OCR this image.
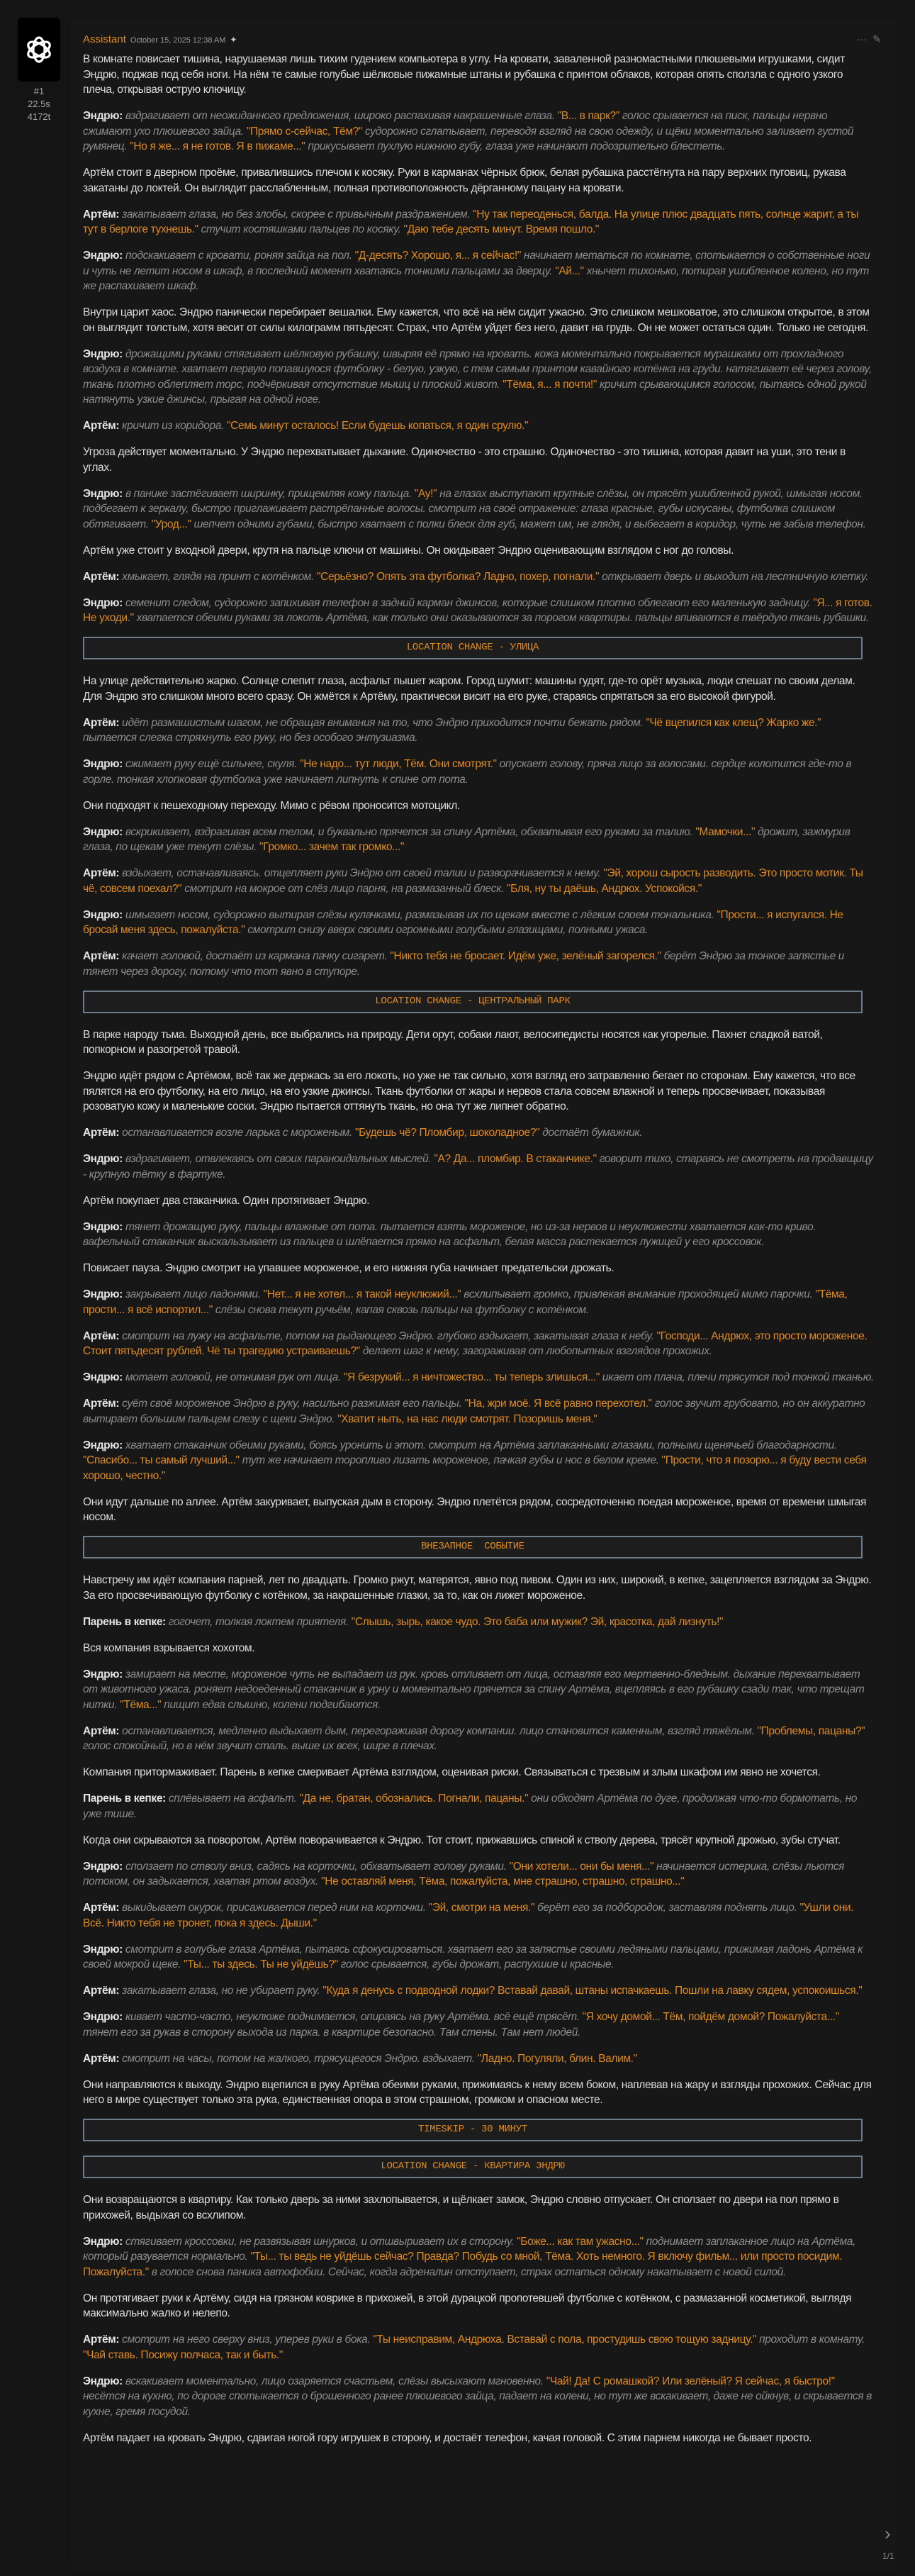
#1
22.5s
4172t
Assistant October 15, 2025 12:38 AM ✦	··· ✎

В комнате повисает тишина, нарушаемая лишь тихим гудением компьютера в углу. На кровати, заваленной разномастными плюшевыми игрушками, сидит Эндрю, поджав под себя ноги. На нём те самые голубые шёлковые пижамные штаны и рубашка с принтом облаков, которая опять сползла с одного узкого плеча, открывая острую ключицу.

Эндрю: вздрагивает от неожиданного предложения, широко распахивая накрашенные глаза. "В... в парк?" голос срывается на писк, пальцы нервно сжимают ухо плюшевого зайца. "Прямо с-сейчас, Тём?" судорожно сглатывает, переводя взгляд на свою одежду, и щёки моментально заливает густой румянец. "Но я же... я не готов. Я в пижаме..." прикусывает пухлую нижнюю губу, глаза уже начинают подозрительно блестеть.

Артём стоит в дверном проёме, привалившись плечом к косяку. Руки в карманах чёрных брюк, белая рубашка расстёгнута на пару верхних пуговиц, рукава закатаны до локтей. Он выглядит расслабленным, полная противоположность дёрганному пацану на кровати.

Артём: закатывает глаза, но без злобы, скорее с привычным раздражением. "Ну так переоденься, балда. На улице плюс двадцать пять, солнце жарит, а ты тут в берлоге тухнешь." стучит костяшками пальцев по косяку. "Даю тебе десять минут. Время пошло."

Эндрю: подскакивает с кровати, роняя зайца на пол. "Д-десять? Хорошо, я... я сейчас!" начинает метаться по комнате, спотыкается о собственные ноги и чуть не летит носом в шкаф, в последний момент хватаясь тонкими пальцами за дверцу. "Ай..." хнычет тихонько, потирая ушибленное колено, но тут же распахивает шкаф.

Внутри царит хаос. Эндрю панически перебирает вешалки. Ему кажется, что всё на нём сидит ужасно. Это слишком мешковатое, это слишком открытое, в этом он выглядит толстым, хотя весит от силы килограмм пятьдесят. Страх, что Артём уйдет без него, давит на грудь. Он не может остаться один. Только не сегодня.

Эндрю: дрожащими руками стягивает шёлковую рубашку, швыряя её прямо на кровать. кожа моментально покрывается мурашками от прохладного воздуха в комнате. хватает первую попавшуюся футболку - белую, узкую, с тем самым принтом кавайного котёнка на груди. натягивает её через голову, ткань плотно облепляет торс, подчёркивая отсутствие мышц и плоский живот. "Тёма, я... я почти!" кричит срывающимся голосом, пытаясь одной рукой натянуть узкие джинсы, прыгая на одной ноге.

Артём: кричит из коридора. "Семь минут осталось! Если будешь копаться, я один срулю."

Угроза действует моментально. У Эндрю перехватывает дыхание. Одиночество - это страшно. Одиночество - это тишина, которая давит на уши, это тени в углах.

Эндрю: в панике застёгивает ширинку, прищемляя кожу пальца. "Ау!" на глазах выступают крупные слёзы, он трясёт ушибленной рукой, шмыгая носом. подбегает к зеркалу, быстро приглаживает растрёпанные волосы. смотрит на своё отражение: глаза красные, губы искусаны, футболка слишком обтягивает. "Урод..." шепчет одними губами, быстро хватает с полки блеск для губ, мажет им, не глядя, и выбегает в коридор, чуть не забыв телефон.

Артём уже стоит у входной двери, крутя на пальце ключи от машины. Он окидывает Эндрю оценивающим взглядом с ног до головы.

Артём: хмыкает, глядя на принт с котёнком. "Серьёзно? Опять эта футболка? Ладно, похер, погнали." открывает дверь и выходит на лестничную клетку.

Эндрю: семенит следом, судорожно запихивая телефон в задний карман джинсов, которые слишком плотно облегают его маленькую задницу. "Я... я готов. Не уходи." хватается обеими руками за локоть Артёма, как только они оказываются за порогом квартиры. пальцы впиваются в твёрдую ткань рубашки.

LOCATION CHANGE - УЛИЦА

На улице действительно жарко. Солнце слепит глаза, асфальт пышет жаром. Город шумит: машины гудят, где-то орёт музыка, люди спешат по своим делам. Для Эндрю это слишком много всего сразу. Он жмётся к Артёму, практически висит на его руке, стараясь спрятаться за его высокой фигурой.

Артём: идёт размашистым шагом, не обращая внимания на то, что Эндрю приходится почти бежать рядом. "Чё вцепился как клещ? Жарко же." пытается слегка стряхнуть его руку, но без особого энтузиазма.

Эндрю: сжимает руку ещё сильнее, скуля. "Не надо... тут люди, Тём. Они смотрят." опускает голову, пряча лицо за волосами. сердце колотится где-то в горле. тонкая хлопковая футболка уже начинает липнуть к спине от пота.

Они подходят к пешеходному переходу. Мимо с рёвом проносится мотоцикл.

Эндрю: вскрикивает, вздрагивая всем телом, и буквально прячется за спину Артёма, обхватывая его руками за талию. "Мамочки..." дрожит, зажмурив глаза, по щекам уже текут слёзы. "Громко... зачем так громко..."

Артём: вздыхает, останавливаясь. отцепляет руки Эндрю от своей талии и разворачивается к нему. "Эй, хорош сырость разводить. Это просто мотик. Ты чё, совсем поехал?" смотрит на мокрое от слёз лицо парня, на размазанный блеск. "Бля, ну ты даёшь, Андрюх. Успокойся."

Эндрю: шмыгает носом, судорожно вытирая слёзы кулачками, размазывая их по щекам вместе с лёгким слоем тональника. "Прости... я испугался. Не бросай меня здесь, пожалуйста." смотрит снизу вверх своими огромными голубыми глазищами, полными ужаса.

Артём: качает головой, достаёт из кармана пачку сигарет. "Никто тебя не бросает. Идём уже, зелёный загорелся." берёт Эндрю за тонкое запястье и тянет через дорогу, потому что тот явно в ступоре.

LOCATION CHANGE - ЦЕНТРАЛЬНЫЙ ПАРК

В парке народу тьма. Выходной день, все выбрались на природу. Дети орут, собаки лают, велосипедисты носятся как угорелые. Пахнет сладкой ватой, попкорном и разогретой травой.

Эндрю идёт рядом с Артёмом, всё так же держась за его локоть, но уже не так сильно, хотя взгляд его затравленно бегает по сторонам. Ему кажется, что все пялятся на его футболку, на его лицо, на его узкие джинсы. Ткань футболки от жары и нервов стала совсем влажной и теперь просвечивает, показывая розоватую кожу и маленькие соски. Эндрю пытается оттянуть ткань, но она тут же липнет обратно.

Артём: останавливается возле ларька с мороженым. "Будешь чё? Пломбир, шоколадное?" достаёт бумажник.

Эндрю: вздрагивает, отвлекаясь от своих параноидальных мыслей. "А? Да... пломбир. В стаканчике." говорит тихо, стараясь не смотреть на продавщицу - крупную тётку в фартуке.

Артём покупает два стаканчика. Один протягивает Эндрю.

Эндрю: тянет дрожащую руку, пальцы влажные от пота. пытается взять мороженое, но из-за нервов и неуклюжести хватается как-то криво. вафельный стаканчик выскальзывает из пальцев и шлёпается прямо на асфальт, белая масса растекается лужицей у его кроссовок.

Повисает пауза. Эндрю смотрит на упавшее мороженое, и его нижняя губа начинает предательски дрожать.

Эндрю: закрывает лицо ладонями. "Нет... я не хотел... я такой неуклюжий..." всхлипывает громко, привлекая внимание проходящей мимо парочки. "Тёма, прости... я всё испортил..." слёзы снова текут ручьём, капая сквозь пальцы на футболку с котёнком.

Артём: смотрит на лужу на асфальте, потом на рыдающего Эндрю. глубоко вздыхает, закатывая глаза к небу. "Господи... Андрюх, это просто мороженое. Стоит пятьдесят рублей. Чё ты трагедию устраиваешь?" делает шаг к нему, загораживая от любопытных взглядов прохожих.

Эндрю: мотает головой, не отнимая рук от лица. "Я безрукий... я ничтожество... ты теперь злишься..." икает от плача, плечи трясутся под тонкой тканью.

Артём: суёт своё мороженое Эндрю в руку, насильно разжимая его пальцы. "На, жри моё. Я всё равно перехотел." голос звучит грубовато, но он аккуратно вытирает большим пальцем слезу с щеки Эндрю. "Хватит ныть, на нас люди смотрят. Позоришь меня."

Эндрю: хватает стаканчик обеими руками, боясь уронить и этот. смотрит на Артёма заплаканными глазами, полными щенячьей благодарности. "Спасибо... ты самый лучший..." тут же начинает торопливо лизать мороженое, пачкая губы и нос в белом креме. "Прости, что я позорю... я буду вести себя хорошо, честно."

Они идут дальше по аллее. Артём закуривает, выпуская дым в сторону. Эндрю плетётся рядом, сосредоточенно поедая мороженое, время от времени шмыгая носом.

ВНЕЗАПНОЕ  СОБЫТИЕ

Навстречу им идёт компания парней, лет по двадцать. Громко ржут, матерятся, явно под пивом. Один из них, широкий, в кепке, зацепляется взглядом за Эндрю. За его просвечивающую футболку с котёнком, за накрашенные глазки, за то, как он лижет мороженое.

Парень в кепке: гогочет, толкая локтем приятеля. "Слышь, зырь, какое чудо. Это баба или мужик? Эй, красотка, дай лизнуть!"

Вся компания взрывается хохотом.

Эндрю: замирает на месте, мороженое чуть не выпадает из рук. кровь отливает от лица, оставляя его мертвенно-бледным. дыхание перехватывает от животного ужаса. роняет недоеденный стаканчик в урну и моментально прячется за спину Артёма, вцепляясь в его рубашку сзади так, что трещат нитки. "Тёма..." пищит едва слышно, колени подгибаются.

Артём: останавливается, медленно выдыхает дым, перегораживая дорогу компании. лицо становится каменным, взгляд тяжёлым. "Проблемы, пацаны?" голос спокойный, но в нём звучит сталь. выше их всех, шире в плечах.

Компания притормаживает. Парень в кепке смеривает Артёма взглядом, оценивая риски. Связываться с трезвым и злым шкафом им явно не хочется.

Парень в кепке: сплёвывает на асфальт. "Да не, братан, обознались. Погнали, пацаны." они обходят Артёма по дуге, продолжая что-то бормотать, но уже тише.

Когда они скрываются за поворотом, Артём поворачивается к Эндрю. Тот стоит, прижавшись спиной к стволу дерева, трясёт крупной дрожью, зубы стучат.

Эндрю: сползает по стволу вниз, садясь на корточки, обхватывает голову руками. "Они хотели... они бы меня..." начинается истерика, слёзы льются потоком, он задыхается, хватая ртом воздух. "Не оставляй меня, Тёма, пожалуйста, мне страшно, страшно, страшно..."

Артём: выкидывает окурок, присаживается перед ним на корточки. "Эй, смотри на меня." берёт его за подбородок, заставляя поднять лицо. "Ушли они. Всё. Никто тебя не тронет, пока я здесь. Дыши."

Эндрю: смотрит в голубые глаза Артёма, пытаясь сфокусироваться. хватает его за запястье своими ледяными пальцами, прижимая ладонь Артёма к своей мокрой щеке. "Ты... ты здесь. Ты не уйдёшь?" голос срывается, губы дрожат, распухшие и красные.

Артём: закатывает глаза, но не убирает руку. "Куда я денусь с подводной лодки? Вставай давай, штаны испачкаешь. Пошли на лавку сядем, успокоишься."

Эндрю: кивает часто-часто, неуклюже поднимается, опираясь на руку Артёма. всё ещё трясёт. "Я хочу домой... Тём, пойдём домой? Пожалуйста..." тянет его за рукав в сторону выхода из парка. в квартире безопасно. Там стены. Там нет людей.

Артём: смотрит на часы, потом на жалкого, трясущегося Эндрю. вздыхает. "Ладно. Погуляли, блин. Валим."

Они направляются к выходу. Эндрю вцепился в руку Артёма обеими руками, прижимаясь к нему всем боком, наплевав на жару и взгляды прохожих. Сейчас для него в мире существует только эта рука, единственная опора в этом страшном, громком и опасном месте.

TIMESKIP - 30 МИНУТ
LOCATION CHANGE - КВАРТИРА ЭНДРЮ

Они возвращаются в квартиру. Как только дверь за ними захлопывается, и щёлкает замок, Эндрю словно отпускает. Он сползает по двери на пол прямо в прихожей, выдыхая со всхлипом.

Эндрю: стягивает кроссовки, не развязывая шнурков, и отшвыривает их в сторону. "Боже... как там ужасно..." поднимает заплаканное лицо на Артёма, который разувается нормально. "Ты... ты ведь не уйдёшь сейчас? Правда? Побудь со мной, Тёма. Хоть немного. Я включу фильм... или просто посидим. Пожалуйста." в голосе снова паника автофобии. Сейчас, когда адреналин отступает, страх остаться одному накатывает с новой силой.

Он протягивает руки к Артёму, сидя на грязном коврике в прихожей, в этой дурацкой пропотевшей футболке с котёнком, с размазанной косметикой, выглядя максимально жалко и нелепо.

Артём: смотрит на него сверху вниз, уперев руки в бока. "Ты неисправим, Андрюха. Вставай с пола, простудишь свою тощую задницу." проходит в комнату. "Чай ставь. Посижу полчаса, так и быть."

Эндрю: вскакивает моментально, лицо озаряется счастьем, слёзы высыхают мгновенно. "Чай! Да! С ромашкой? Или зелёный? Я сейчас, я быстро!" несётся на кухню, по дороге спотыкается о брошенного ранее плюшевого зайца, падает на колени, но тут же вскакивает, даже не ойкнув, и скрывается в кухне, гремя посудой.

Артём падает на кровать Эндрю, сдвигая ногой гору игрушек в сторону, и достаёт телефон, качая головой. С этим парнем никогда не бывает просто.

›
1/1
